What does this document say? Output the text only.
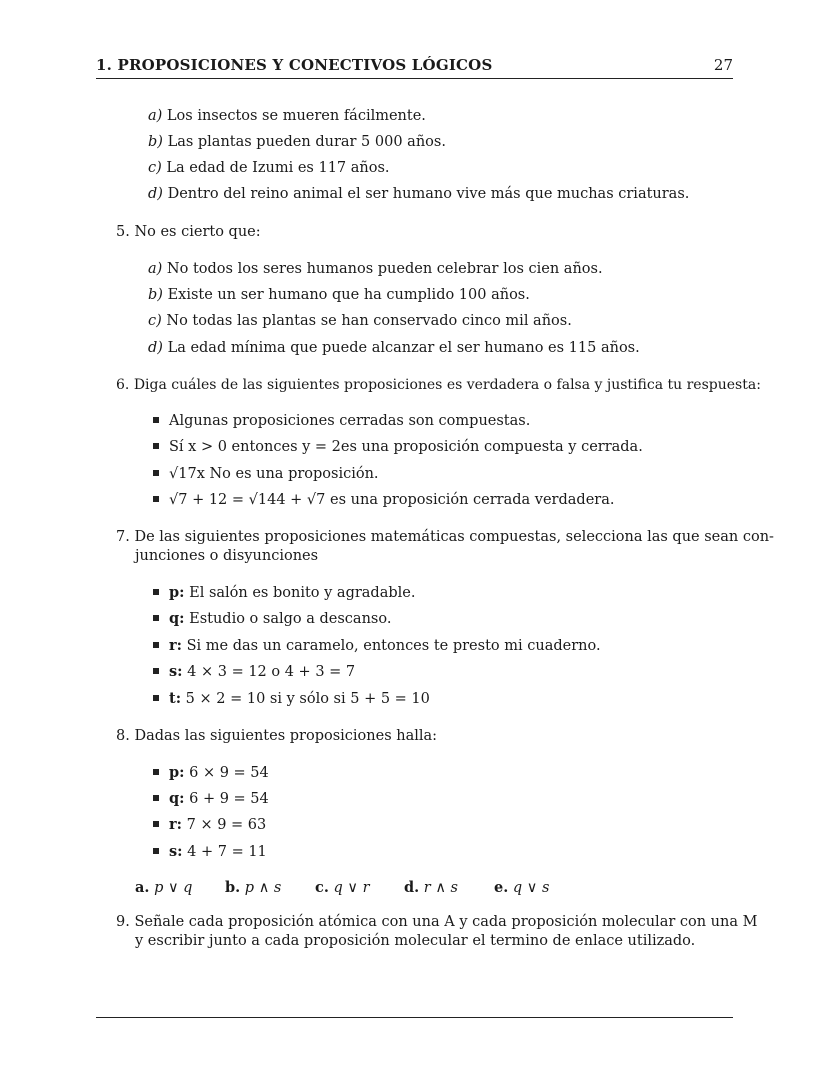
1. PROPOSICIONES Y CONECTIVOS LÓGICOS	27
a) Los insectos se mueren fácilmente.
b) Las plantas pueden durar 5 000 años.
c) La edad de Izumi es 117 años.
d) Dentro del reino animal el ser humano vive más que muchas criaturas.
5. No es cierto que:
a) No todos los seres humanos pueden celebrar los cien años.
b) Existe un ser humano que ha cumplido 100 años.
c) No todas las plantas se han conservado cinco mil años.
d) La edad mínima que puede alcanzar el ser humano es 115 años.
6. Diga cuáles de las siguientes proposiciones es verdadera o falsa y justifica tu respuesta:
Algunas proposiciones cerradas son compuestas.
Sí x > 0 entonces y = 2es una proposición compuesta y cerrada.
√17x No es una proposición.
√7 + 12 = √144 + √7 es una proposición cerrada verdadera.
7. De las siguientes proposiciones matemáticas compuestas, selecciona las que sean con-
junciones o disyunciones
p: El salón es bonito y agradable.
q: Estudio o salgo a descanso.
r: Si me das un caramelo, entonces te presto mi cuaderno.
s: 4 × 3 = 12 o 4 + 3 = 7
t: 5 × 2 = 10 si y sólo si 5 + 5 = 10
8. Dadas las siguientes proposiciones halla:
p: 6 × 9 = 54
q: 6 + 9 = 54
r: 7 × 9 = 63
s: 4 + 7 = 11
a. p ∨ q b. p ∧ s c. q ∨ r d. r ∧ s e. q ∨ s
9. Señale cada proposición atómica con una A y cada proposición molecular con una M
y escribir junto a cada proposición molecular el termino de enlace utilizado.
